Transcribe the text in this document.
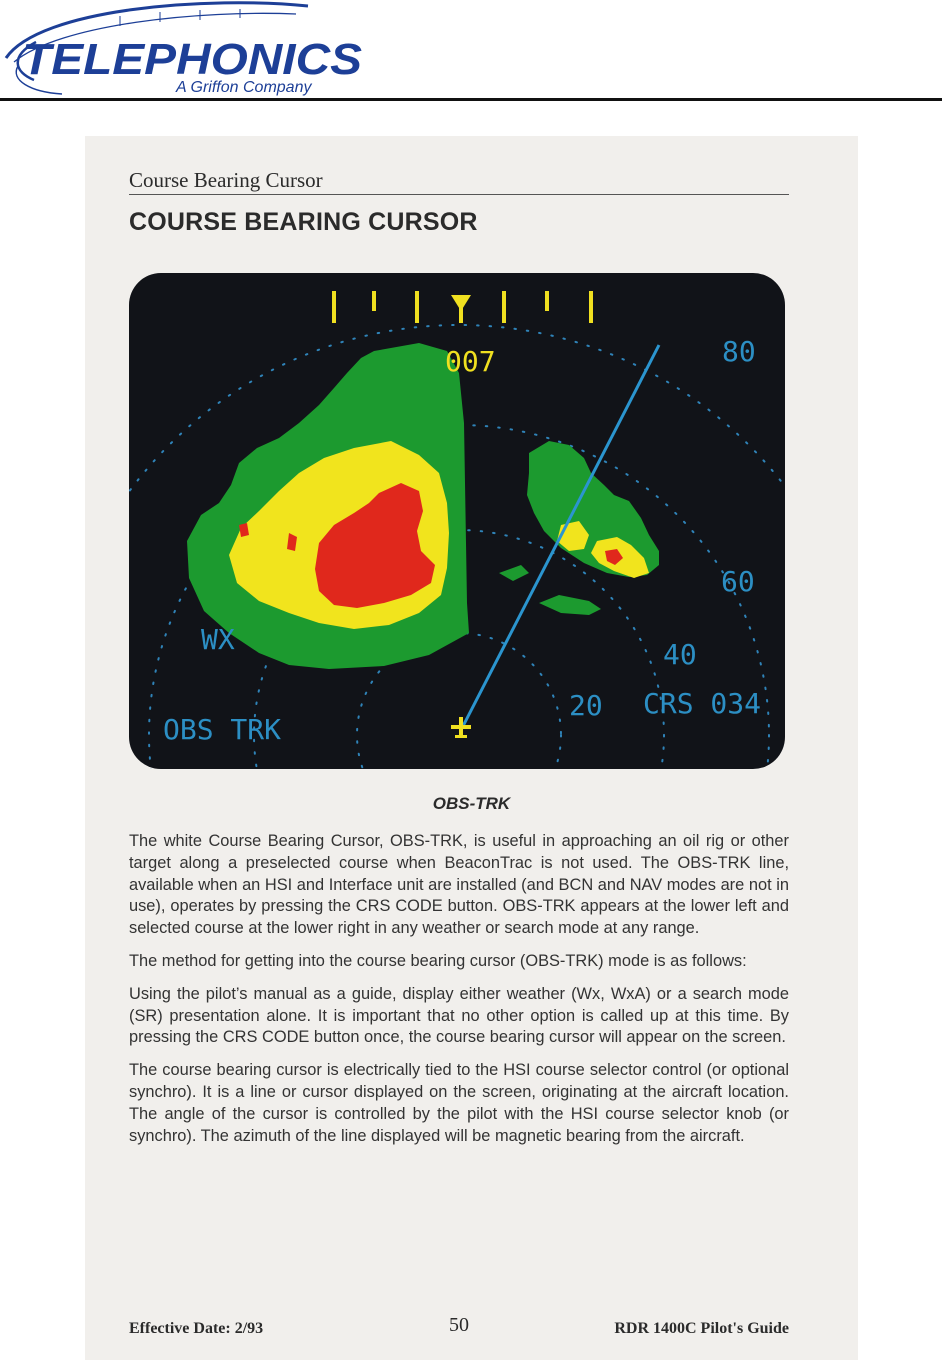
TELEPHONICS
A Griffon Company
Course Bearing Cursor
COURSE BEARING CURSOR
007	80
60
40
20
WX
OBS TRK
CRS 034
OBS-TRK

The white Course Bearing Cursor, OBS-TRK, is useful in approaching an oil rig or other target along a preselected course when BeaconTrac is not used. The OBS-TRK line, available when an HSI and Interface unit are installed (and BCN and NAV modes are not in use), operates by pressing the CRS CODE button. OBS-TRK appears at the lower left and selected course at the lower right in any weather or search mode at any range.

The method for getting into the course bearing cursor (OBS-TRK) mode is as follows:

Using the pilot’s manual as a guide, display either weather (Wx, WxA) or a search mode (SR) presentation alone. It is important that no other option is called up at this time. By pressing the CRS CODE button once, the course bearing cursor will appear on the screen.

The course bearing cursor is electrically tied to the HSI course selector control (or optional synchro). It is a line or cursor displayed on the screen, originating at the aircraft location. The angle of the cursor is controlled by the pilot with the HSI course selector knob (or synchro). The azimuth of the line displayed will be magnetic bearing from the aircraft.

Effective Date: 2/93	50	RDR 1400C Pilot's Guide
